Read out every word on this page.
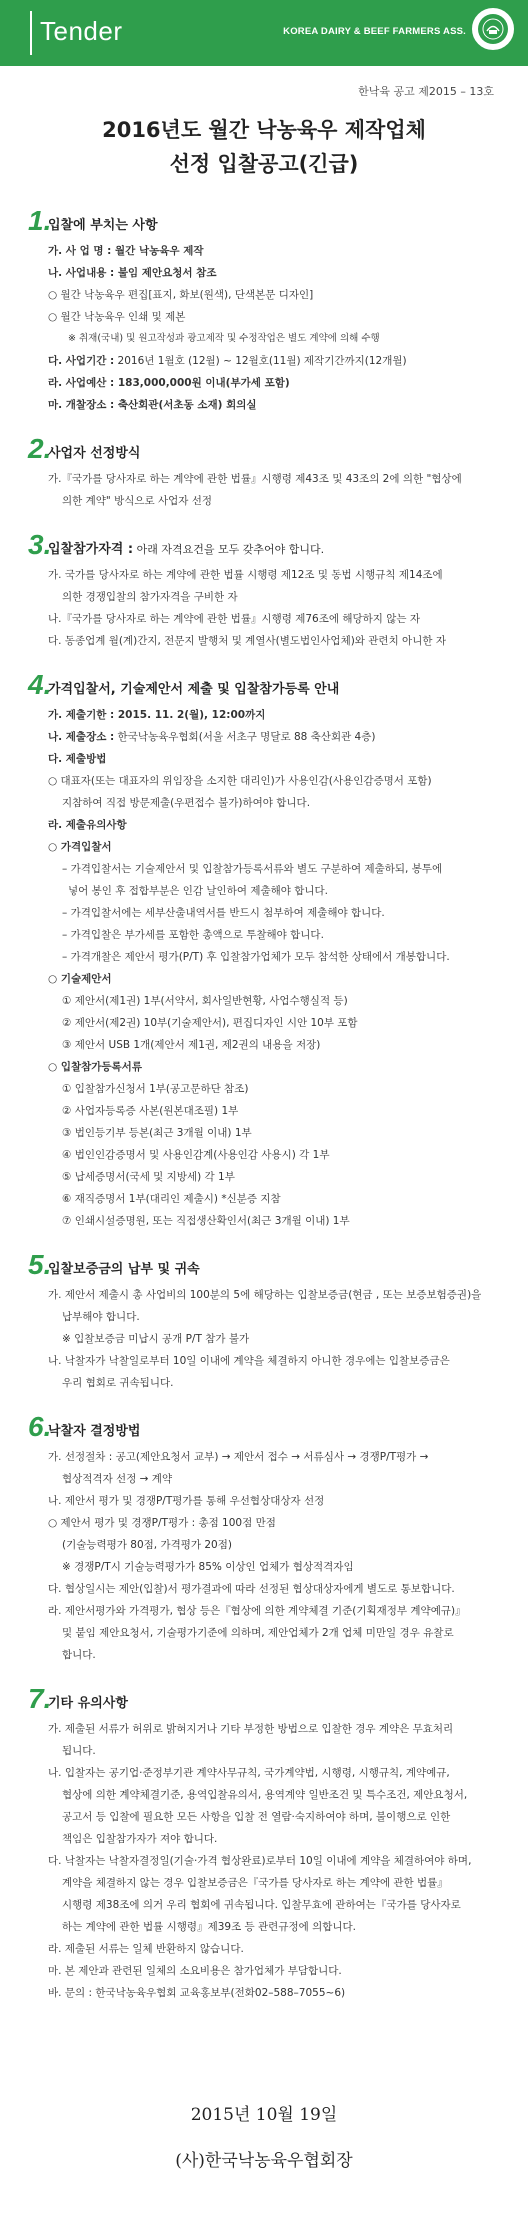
Tender	KOREA DAIRY & BEEF FARMERS ASS.
한낙육 공고 제2015 – 13호
2016년도 월간 낙농육우 제작업체
선정 입찰공고(긴급)
1.
입찰에 부치는 사항
가. 사 업 명 : 월간 낙농육우 제작
나. 사업내용 : 불임 제안요청서 참조
○ 월간 낙농육우 편집[표지, 화보(원색), 단색본문 디자인]
○ 월간 낙농육우 인쇄 및 제본
※ 취재(국내) 및 원고작성과 광고제작 및 수정작업은 별도 계약에 의해 수행
다. 사업기간 : 2016년 1월호 (12월) ~ 12월호(11월) 제작기간까지(12개월)
라. 사업예산 : 183,000,000원 이내(부가세 포함)
마. 개찰장소 : 축산회관(서초동 소재) 회의실
2.
사업자 선정방식
가.『국가를 당사자로 하는 계약에 관한 법률』시행령 제43조 및 43조의 2에 의한 "협상에
의한 계약" 방식으로 사업자 선정
3.
입찰참가자격 : 아래 자격요건을 모두 갖추어야 합니다.
가. 국가를 당사자로 하는 계약에 관한 법률 시행령 제12조 및 동법 시행규칙 제14조에
의한 경쟁입찰의 참가자격을 구비한 자
나.『국가를 당사자로 하는 계약에 관한 법률』시행령 제76조에 해당하지 않는 자
다. 동종업계 월(계)간지, 전문지 발행처 및 계열사(별도법인사업체)와 관련치 아니한 자
4.
가격입찰서, 기술제안서 제출 및 입찰참가등록 안내
가. 제출기한 : 2015. 11. 2(월), 12:00까지
나. 제출장소 : 한국낙농육우협회(서울 서초구 명달로 88 축산회관 4층)
다. 제출방법
○ 대표자(또는 대표자의 위임장을 소지한 대리인)가 사용인감(사용인감증명서 포함)
지참하여 직접 방문제출(우편접수 불가)하여야 합니다.
라. 제출유의사항
○ 가격입찰서
– 가격입찰서는 기술제안서 및 입찰참가등록서류와 별도 구분하여 제출하되, 봉투에
넣어 봉인 후 접합부분은 인감 날인하여 제출해야 합니다.
– 가격입찰서에는 세부산출내역서를 반드시 첨부하여 제출해야 합니다.
– 가격입찰은 부가세를 포함한 총액으로 투찰해야 합니다.
– 가격개찰은 제안서 평가(P/T) 후 입찰참가업체가 모두 참석한 상태에서 개봉합니다.
○ 기술제안서
① 제안서(제1권) 1부(서약서, 회사일반현황, 사업수행실적 등)
② 제안서(제2권) 10부(기술제안서), 편집디자인 시안 10부 포함
③ 제안서 USB 1개(제안서 제1권, 제2권의 내용을 저장)
○ 입찰참가등록서류
① 입찰참가신청서 1부(공고문하단 참조)
② 사업자등록증 사본(원본대조필) 1부
③ 법인등기부 등본(최근 3개월 이내) 1부
④ 법인인감증명서 및 사용인감계(사용인감 사용시) 각 1부
⑤ 납세증명서(국세 및 지방세) 각 1부
⑥ 재직증명서 1부(대리인 제출시) *신분증 지참
⑦ 인쇄시설증명원, 또는 직접생산확인서(최근 3개월 이내) 1부
5.
입찰보증금의 납부 및 귀속
가. 제안서 제출시 총 사업비의 100분의 5에 해당하는 입찰보증금(현금 , 또는 보증보험증권)을
납부해야 합니다.
※ 입찰보증금 미납시 공개 P/T 참가 불가
나. 낙찰자가 낙찰일로부터 10일 이내에 계약을 체결하지 아니한 경우에는 입찰보증금은
우리 협회로 귀속됩니다.
6.
낙찰자 결정방법
가. 선정절차 : 공고(제안요청서 교부) → 제안서 접수 → 서류심사 → 경쟁P/T평가 →
협상적격자 선정 → 계약
나. 제안서 평가 및 경쟁P/T평가를 통해 우선협상대상자 선정
○ 제안서 평가 및 경쟁P/T평가 : 총점 100점 만점
(기술능력평가 80점, 가격평가 20점)
※ 경쟁P/T시 기술능력평가가 85% 이상인 업체가 협상적격자임
다. 협상일시는 제안(입찰)서 평가결과에 따라 선정된 협상대상자에게 별도로 통보합니다.
라. 제안서평가와 가격평가, 협상 등은『협상에 의한 계약체결 기준(기획재정부 계약예규)』
및 붙임 제안요청서, 기술평가기준에 의하며, 제안업체가 2개 업체 미만일 경우 유찰로
합니다.
7.
기타 유의사항
가. 제출된 서류가 허위로 밝혀지거나 기타 부정한 방법으로 입찰한 경우 계약은 무효처리
됩니다.
나. 입찰자는 공기업·준정부기관 계약사무규칙, 국가계약법, 시행령, 시행규칙, 계약예규,
협상에 의한 계약체결기준, 용역입찰유의서, 용역계약 일반조건 및 특수조건, 제안요청서,
공고서 등 입찰에 필요한 모든 사항을 입찰 전 열람·숙지하여야 하며, 불이행으로 인한
책임은 입찰참가자가 져야 합니다.
다. 낙찰자는 낙찰자결정일(기술·가격 협상완료)로부터 10일 이내에 계약을 체결하여야 하며,
계약을 체결하지 않는 경우 입찰보증금은『국가를 당사자로 하는 계약에 관한 법률』
시행령 제38조에 의거 우리 협회에 귀속됩니다. 입찰무효에 관하여는『국가를 당사자로
하는 계약에 관한 법률 시행령』제39조 등 관련규정에 의합니다.
라. 제출된 서류는 일체 반환하지 않습니다.
마. 본 제안과 관련된 일체의 소요비용은 참가업체가 부담합니다.
바. 문의 : 한국낙농육우협회 교육홍보부(전화02–588–7055~6)
2015년 10월 19일
(사)한국낙농육우협회장
